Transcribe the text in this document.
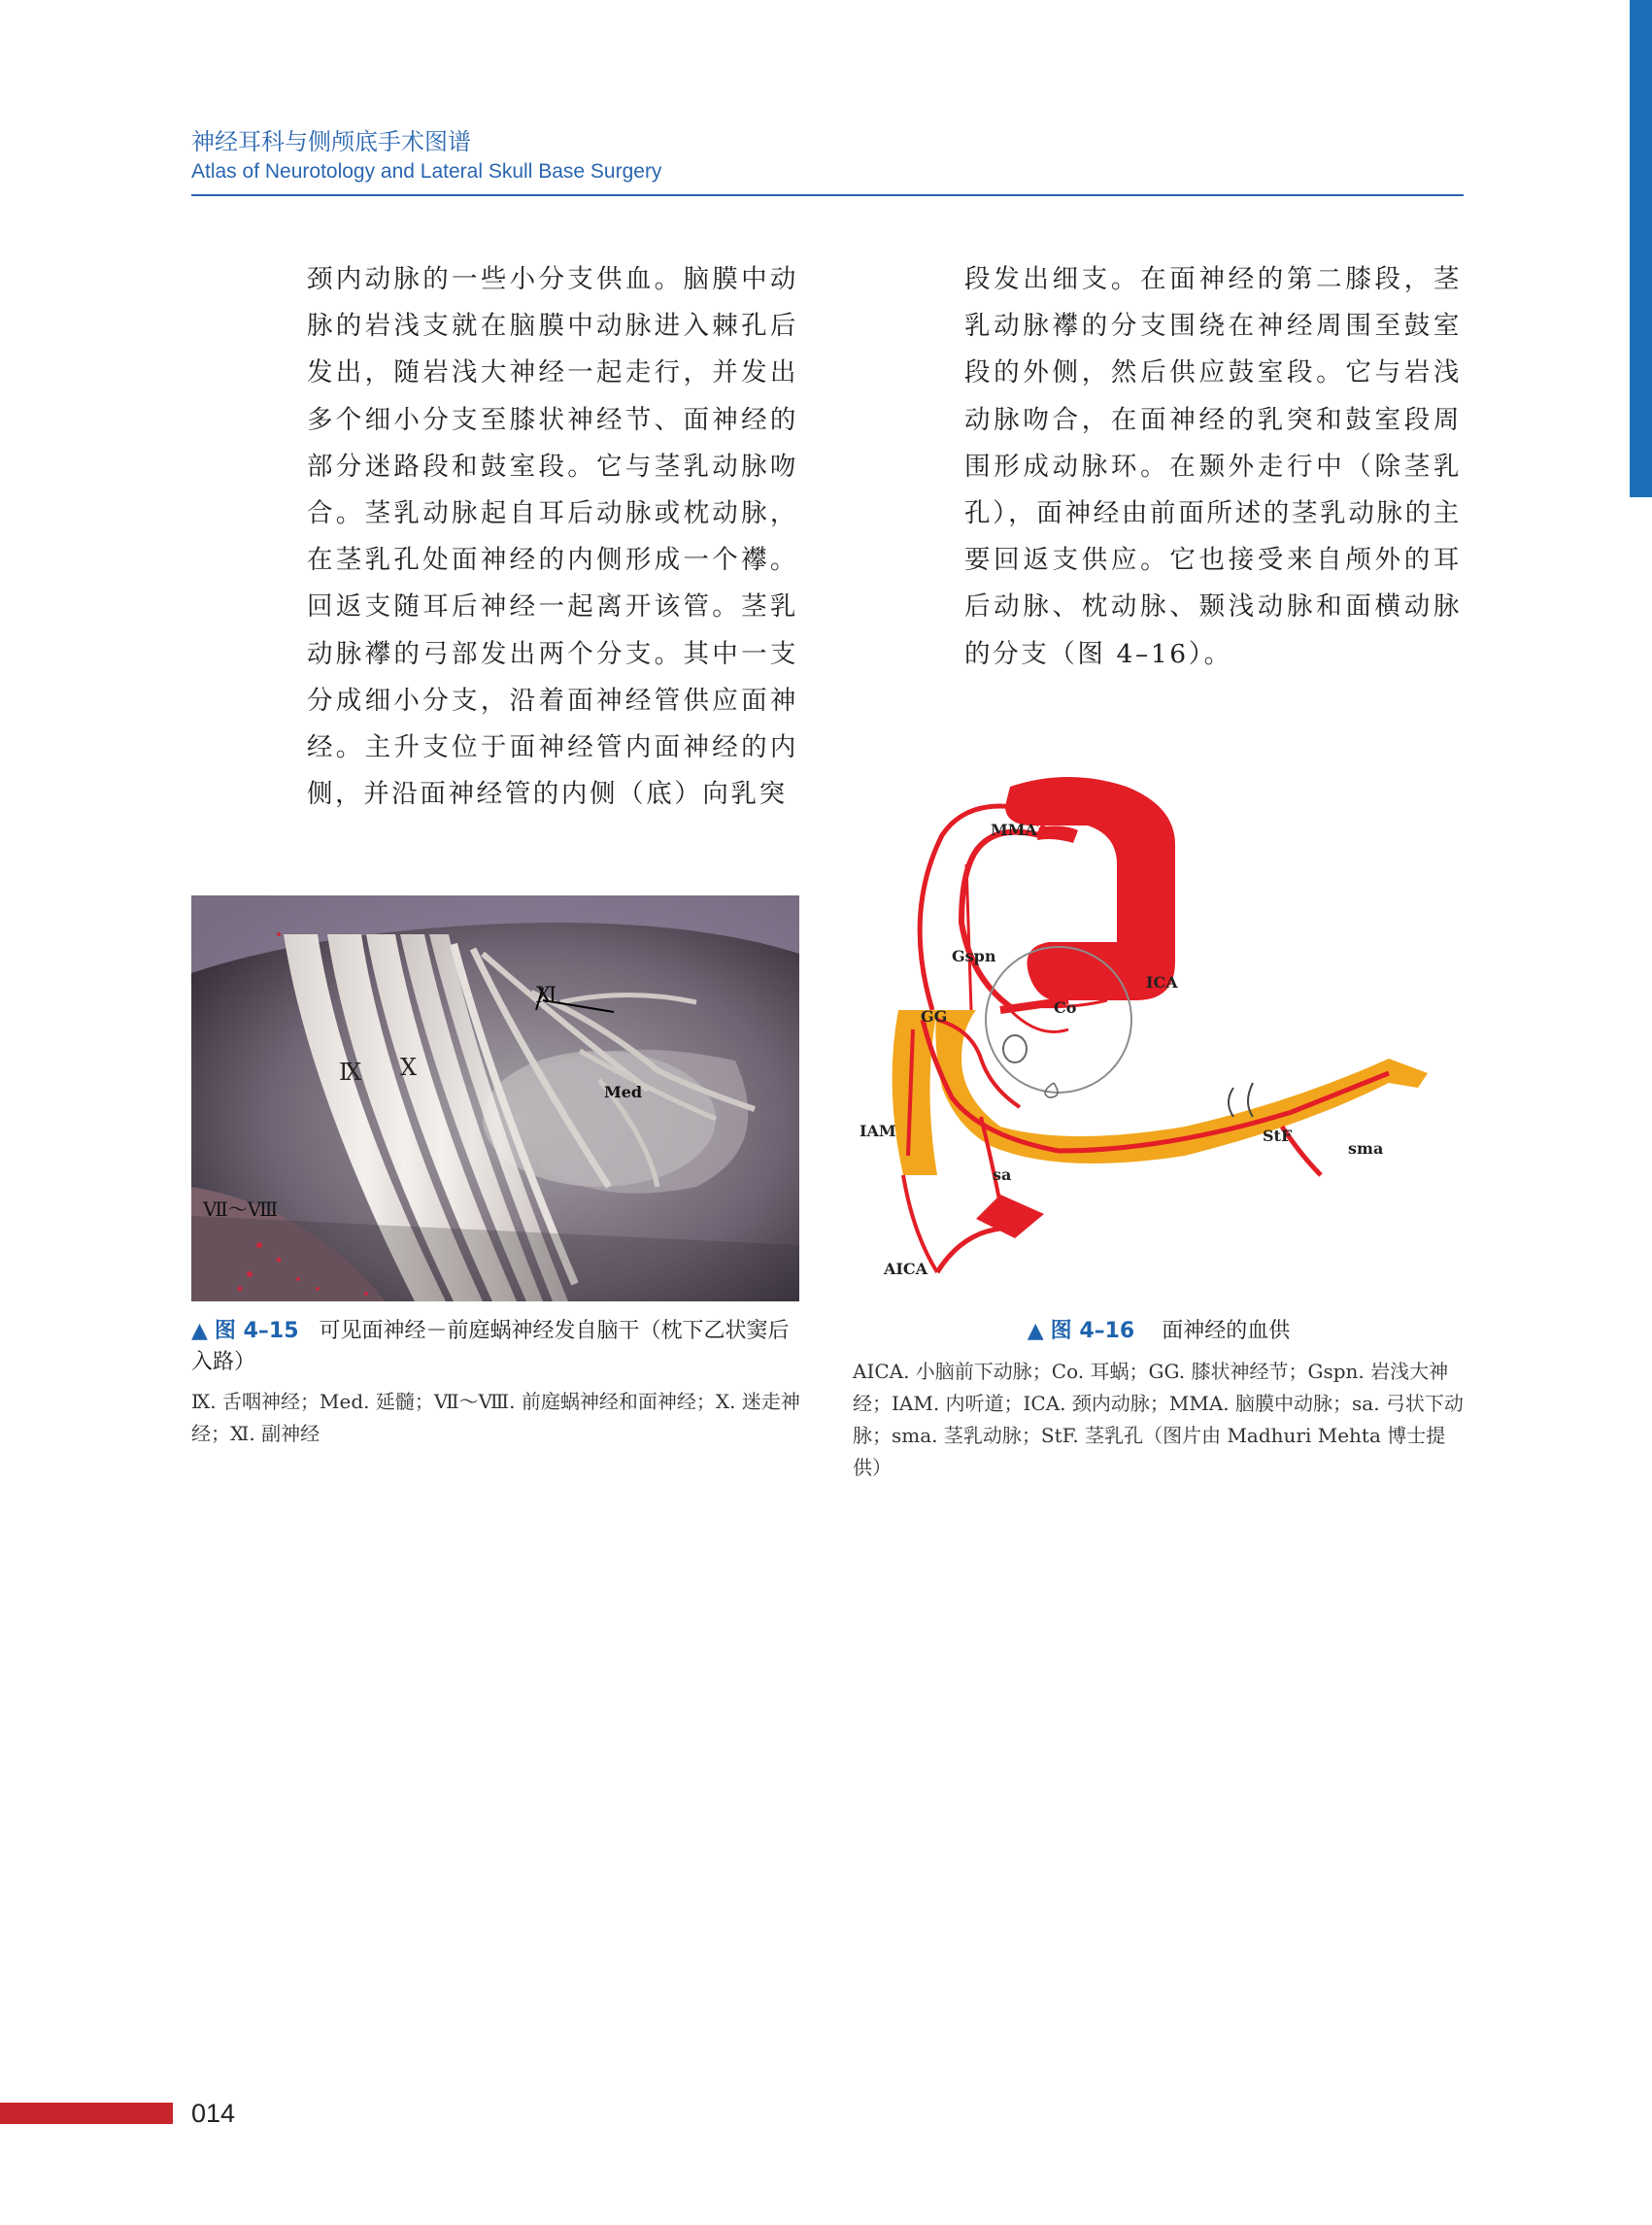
神经耳科与侧颅底手术图谱
Atlas of Neurotology and Lateral Skull Base Surgery
颈内动脉的一些小分支供血。脑膜中动脉的岩浅支就在脑膜中动脉进入棘孔后发出，随岩浅大神经一起走行，并发出多个细小分支至膝状神经节、面神经的部分迷路段和鼓室段。它与茎乳动脉吻合。茎乳动脉起自耳后动脉或枕动脉，在茎乳孔处面神经的内侧形成一个襻。回返支随耳后神经一起离开该管。茎乳动脉襻的弓部发出两个分支。其中一支分成细小分支，沿着面神经管供应面神经。主升支位于面神经管内面神经的内侧，并沿面神经管的内侧（底）向乳突
段发出细支。在面神经的第二膝段，茎乳动脉襻的分支围绕在神经周围至鼓室段的外侧，然后供应鼓室段。它与岩浅动脉吻合，在面神经的乳突和鼓室段周围形成动脉环。在颞外走行中（除茎乳孔），面神经由前面所述的茎乳动脉的主要回返支供应。它也接受来自颅外的耳后动脉、枕动脉、颞浅动脉和面横动脉的分支（图 4–16）。
Ⅸ Ⅹ
Ⅺ
Med
Ⅶ～Ⅷ
▲ 图 4–15 可见面神经－前庭蜗神经发自脑干（枕下乙状窦后入路）
Ⅸ. 舌咽神经；Med. 延髓；Ⅶ～Ⅷ. 前庭蜗神经和面神经；Ⅹ. 迷走神经；Ⅺ. 副神经
MMA
Gspn
ICA
Co
GG
IAM	StF
sma
sa
AICA
▲ 图 4–16 面神经的血供
AICA. 小脑前下动脉；Co. 耳蜗；GG. 膝状神经节；Gspn. 岩浅大神经；IAM. 内听道；ICA. 颈内动脉；MMA. 脑膜中动脉；sa. 弓状下动脉；sma. 茎乳动脉；StF. 茎乳孔（图片由 Madhuri Mehta 博士提供）
014
